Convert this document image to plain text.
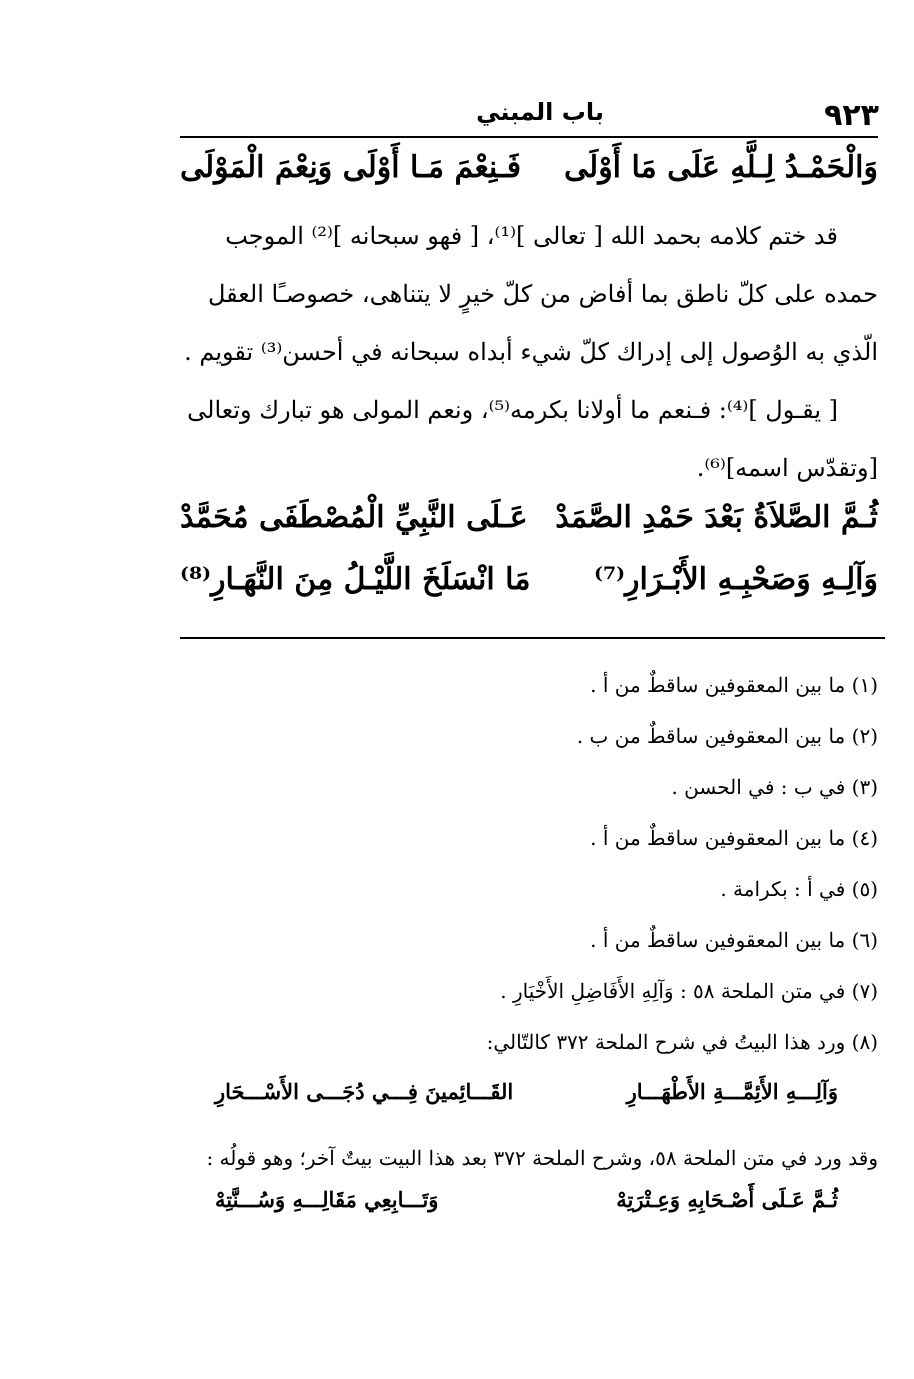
باب المبني	٩٢٣
وَالْحَمْـدُ لِـلَّهِ عَلَى مَا أَوْلَى
فَـنِعْمَ مَـا أَوْلَى وَنِعْمَ الْمَوْلَى

قد ختم كلامه بحمد الله [ تعالى ]⁽¹⁾، [ فهو سبحانه ]⁽²⁾ الموجب

حمده على كلّ ناطق بما أفاض من كلّ خيرٍ لا يتناهى، خصوصـًا العقل

الّذي به الوُصول إلى إدراك كلّ شيء أبداه سبحانه في أحسن⁽³⁾ تقويم .

[ يقـول ]⁽⁴⁾: فـنعم ما أولانا بكرمه⁽⁵⁾، ونعم المولى هو تبارك وتعالى

[وتقدّس اسمه]⁽⁶⁾.

ثُـمَّ الصَّلاَةُ بَعْدَ حَمْدِ الصَّمَدْ
عَـلَى النَّبِيِّ الْمُصْطَفَى مُحَمَّدْ
وَآلِـهِ وَصَحْبِـهِ الأَبْـرَارِ⁽⁷⁾
مَا انْسَلَخَ اللَّيْـلُ مِنَ النَّهَـارِ⁽⁸⁾
(١) ما بين المعقوفين ساقطٌ من أ .
(٢) ما بين المعقوفين ساقطٌ من ب .
(٣) في ب : في الحسن .
(٤) ما بين المعقوفين ساقطٌ من أ .
(٥) في أ : بكرامة .
(٦) ما بين المعقوفين ساقطٌ من أ .
(٧) في متن الملحة ٥٨ : وَآلِهِ الأَفَاضِلِ الأَخْيَارِ .
(٨) ورد هذا البيتُ في شرح الملحة ٣٧٢ كالتّالي:
وَآلِـــهِ الأَئِمَّـــةِ الأَطْهَـــارِ
القَـــائِمينَ فِـــي دُجَـــى الأَسْـــحَارِ
وقد ورد في متن الملحة ٥٨، وشرح الملحة ٣٧٢ بعد هذا البيت بيتٌ آخر؛ وهو قولُه :
ثُـمَّ عَـلَى أَصْـحَابِهِ وَعِـتْرَتِهْ
وَتَـــابِعِي مَقَالِـــهِ وَسُـــنَّتِهْ
